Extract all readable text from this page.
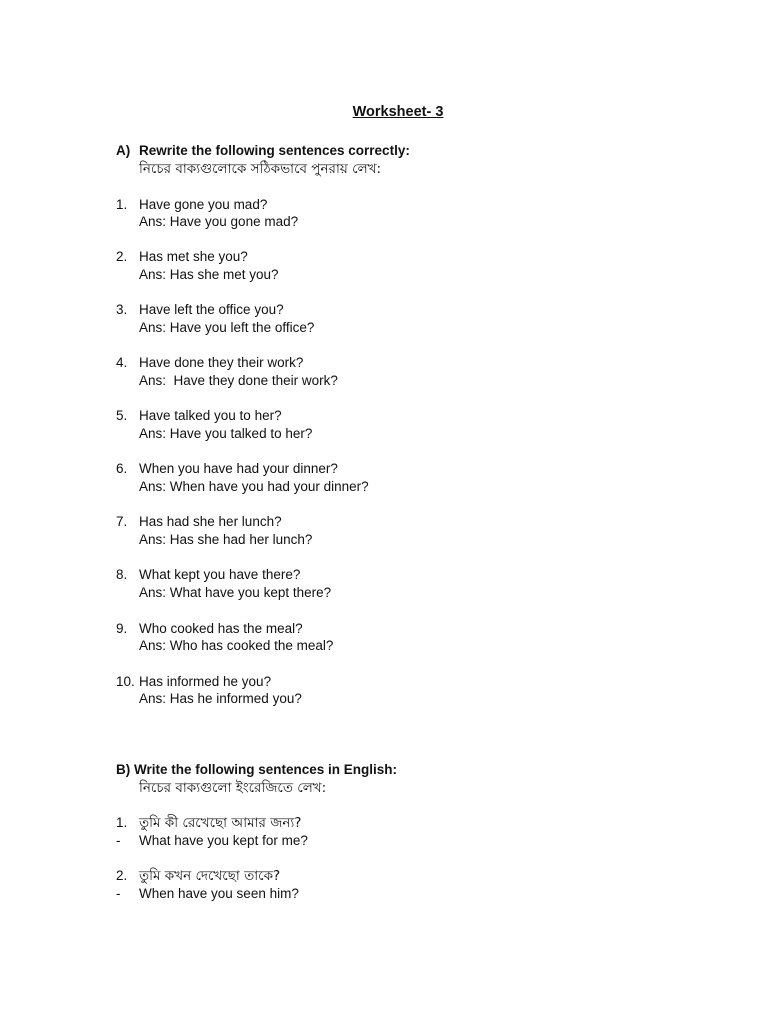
Worksheet- 3
A) Rewrite the following sentences correctly:
নিচের বাক্যগুলোকে সঠিকভাবে পুনরায় লেখ:
1. Have gone you mad?
Ans: Have you gone mad?
2. Has met she you?
Ans: Has she met you?
3. Have left the office you?
Ans: Have you left the office?
4. Have done they their work?
Ans:  Have they done their work?
5. Have talked you to her?
Ans: Have you talked to her?
6. When you have had your dinner?
Ans: When have you had your dinner?
7. Has had she her lunch?
Ans: Has she had her lunch?
8. What kept you have there?
Ans: What have you kept there?
9. Who cooked has the meal?
Ans: Who has cooked the meal?
10. Has informed he you?
Ans: Has he informed you?
B) Write the following sentences in English:
নিচের বাক্যগুলো ইংরেজিতে লেখ:
1. তুমি কী রেখেছো আমার জন্য?
- What have you kept for me?
2. তুমি কখন দেখেছো তাকে?
- When have you seen him?
